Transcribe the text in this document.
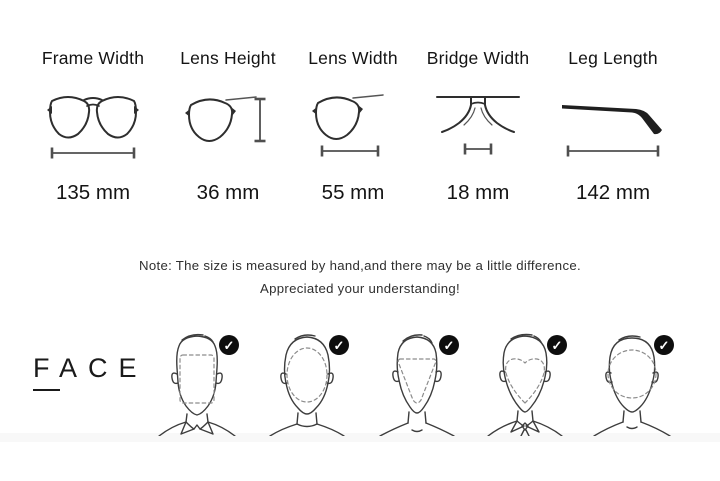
Frame Width
135 mm
Lens Height
36 mm
Lens Width
55 mm
Bridge Width
18 mm
Leg Length
142 mm
Note: The size is measured by hand,and there may be a little difference.
Appreciated your understanding!
FACE
✓	✓	✓	✓	✓
